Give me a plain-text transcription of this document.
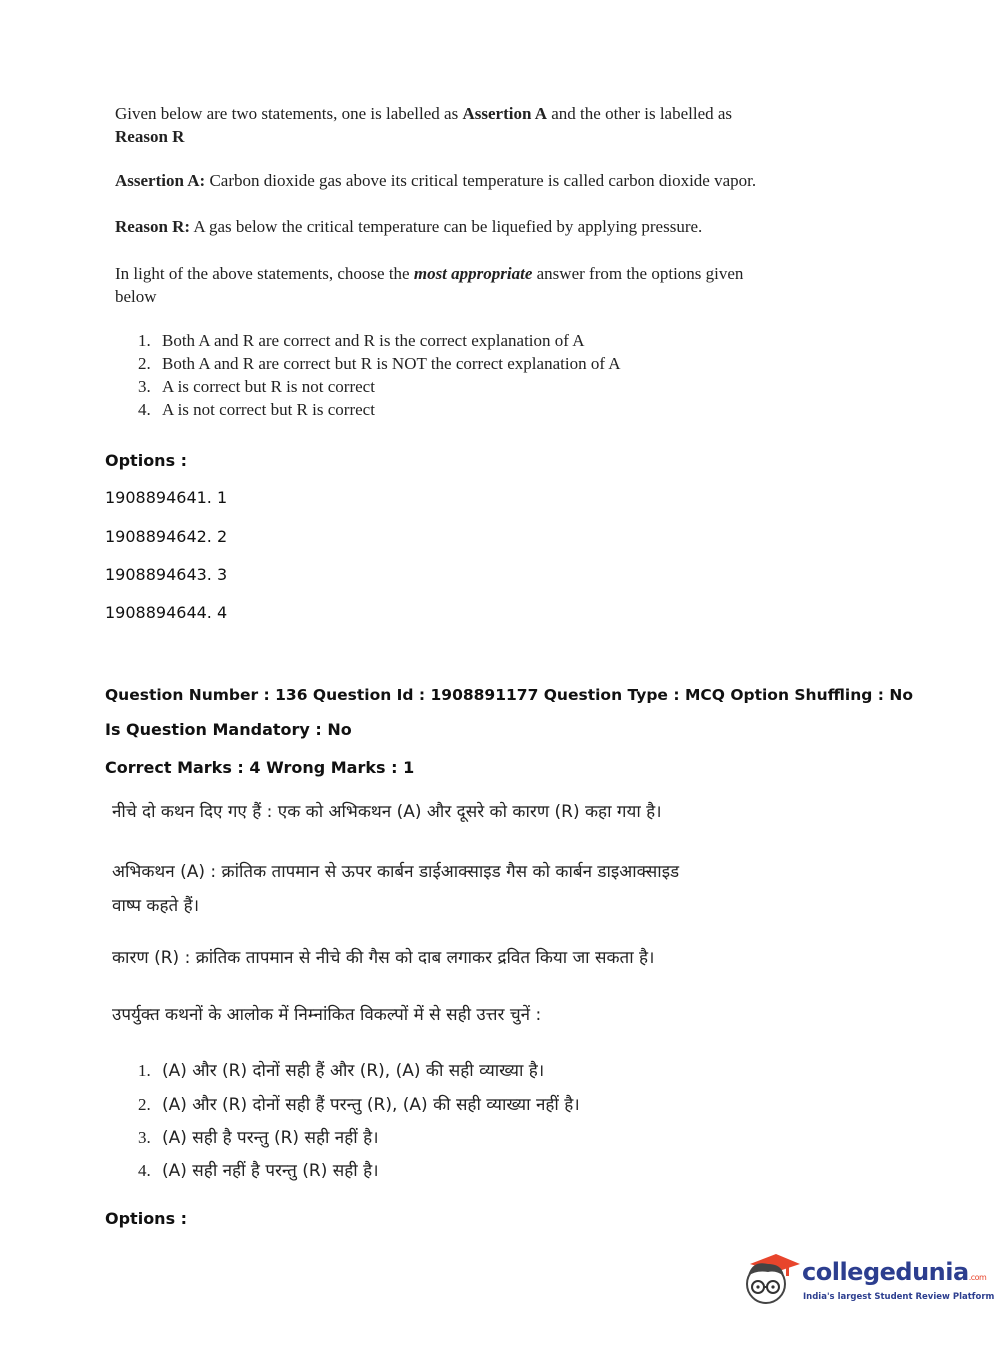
Given below are two statements, one is labelled as Assertion A and the other is labelled as
Reason R
Assertion A: Carbon dioxide gas above its critical temperature is called carbon dioxide vapor.
Reason R: A gas below the critical temperature can be liquefied by applying pressure.
In light of the above statements, choose the most appropriate answer from the options given
below
1. Both A and R are correct and R is the correct explanation of A
2. Both A and R are correct but R is NOT the correct explanation of A
3. A is correct but R is not correct
4. A is not correct but R is correct
Options :
1908894641. 1
1908894642. 2
1908894643. 3
1908894644. 4
Question Number : 136 Question Id : 1908891177 Question Type : MCQ Option Shuffling : No
Is Question Mandatory : No
Correct Marks : 4 Wrong Marks : 1
नीचे दो कथन दिए गए हैं : एक को अभिकथन (A) और दूसरे को कारण (R) कहा गया है।
अभिकथन (A) : क्रांतिक तापमान से ऊपर कार्बन डाईआक्साइड गैस को कार्बन डाइआक्साइड
वाष्प कहते हैं।
कारण (R) : क्रांतिक तापमान से नीचे की गैस को दाब लगाकर द्रवित किया जा सकता है।
उपर्युक्त कथनों के आलोक में निम्नांकित विकल्पों में से सही उत्तर चुनें :
1. (A) और (R) दोनों सही हैं और (R), (A) की सही व्याख्या है।
2. (A) और (R) दोनों सही हैं परन्तु (R), (A) की सही व्याख्या नहीं है।
3. (A) सही है परन्तु (R) सही नहीं है।
4. (A) सही नहीं है परन्तु (R) सही है।
Options :
collegedunia.com
India's largest Student Review Platform
